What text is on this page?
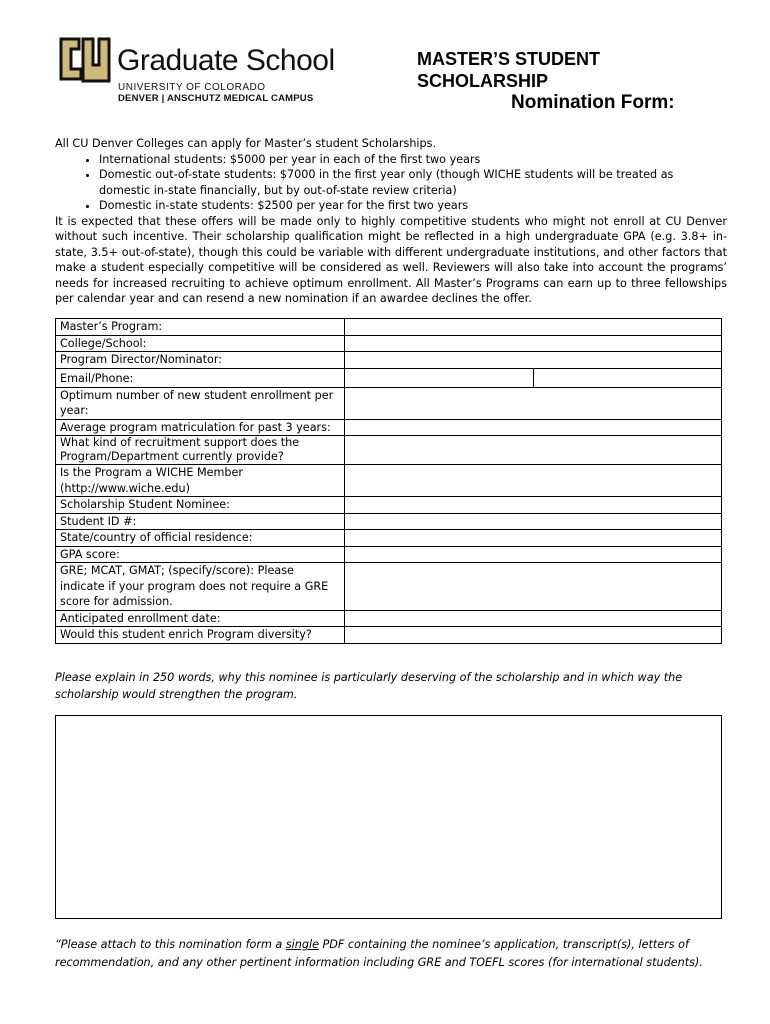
Graduate School
UNIVERSITY OF COLORADO
DENVER | ANSCHUTZ MEDICAL CAMPUS
MASTER’S STUDENT
SCHOLARSHIP
Nomination Form:

All CU Denver Colleges can apply for Master’s student Scholarships.

• International students: $5000 per year in each of the first two years
• Domestic out-of-state students: $7000 in the first year only (though WICHE students will be treated as domestic in-state financially, but by out-of-state review criteria)
• Domestic in-state students: $2500 per year for the first two years

It is expected that these offers will be made only to highly competitive students who might not enroll at CU Denver without such incentive. Their scholarship qualification might be reflected in a high undergraduate GPA (e.g. 3.8+ in-state, 3.5+ out-of-state), though this could be variable with different undergraduate institutions, and other factors that make a student especially competitive will be considered as well. Reviewers will also take into account the programs’ needs for increased recruiting to achieve optimum enrollment. All Master’s Programs can earn up to three fellowships per calendar year and can resend a new nomination if an awardee declines the offer.

Master’s Program:	
College/School:	
Program Director/Nominator:	
Email/Phone:	

Optimum number of new student enrollment per year:	
Average program matriculation for past 3 years:	
What kind of recruitment support does the Program/Department currently provide?	
Is the Program a WICHE Member (http://www.wiche.edu)	
Scholarship Student Nominee:	
Student ID #:	
State/country of official residence:	
GPA score:	
GRE; MCAT, GMAT; (specify/score): Please indicate if your program does not require a GRE score for admission.	
Anticipated enrollment date:	
Would this student enrich Program diversity?	
Please explain in 250 words, why this nominee is particularly deserving of the scholarship and in which way the scholarship would strengthen the program.
“Please attach to this nomination form a single PDF containing the nominee’s application, transcript(s), letters of recommendation, and any other pertinent information including GRE and TOEFL scores (for international students).
